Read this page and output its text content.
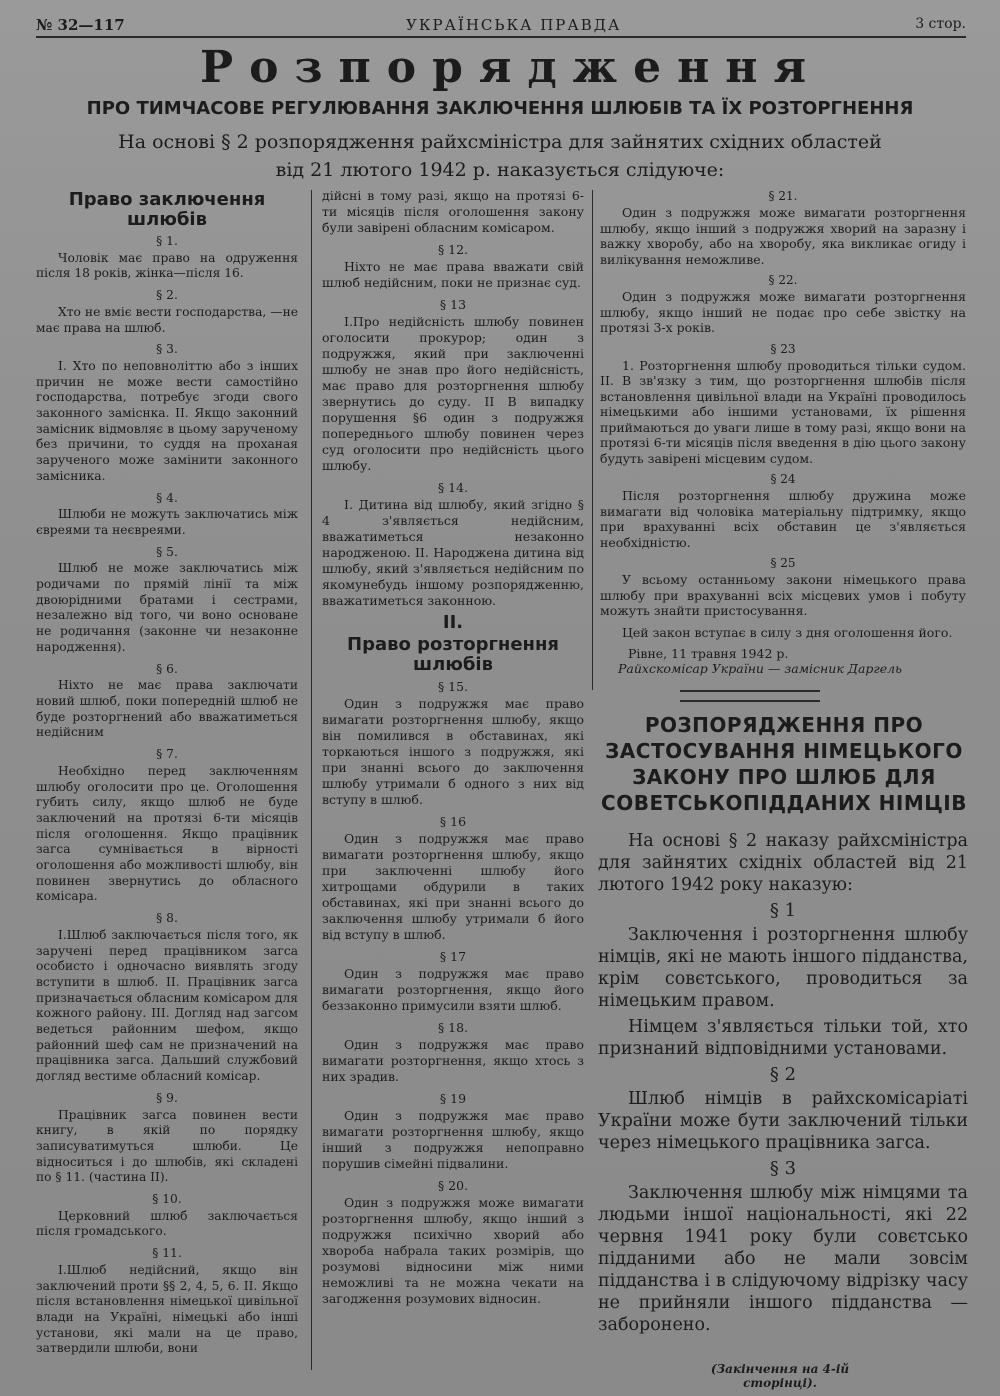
№ 32—117	УКРАЇНСЬКА ПРАВДА	3 стор.
Розпорядження
ПРО ТИМЧАСОВЕ РЕГУЛЮВАННЯ ЗАКЛЮЧЕННЯ ШЛЮБІВ ТА ЇХ РОЗТОРГНЕННЯ
На основі § 2 розпорядження райхсміністра для зайнятих східних областей
від 21 лютого 1942 р. наказується слідуюче:
Право заключення шлюбів
§ 1.

Чоловік має право на одруження після 18 років, жінка—після 16.

§ 2.

Хто не вміє вести господарства, —не має права на шлюб.

§ 3.

І. Хто по неповноліттю або з інших причин не може вести самостійно господарства, потребує згоди свого законного заміснка. II. Якщо законний замісник відмовляє в цьому зарученому без причини, то суддя на проханая зарученого може замінити законного замісника.

§ 4.

Шлюби не можуть заключатись між євреями та неєвреями.

§ 5.

Шлюб не може заключатись між родичами по прямій лінії та між двоюрідними братами і сестрами, незалежно від того, чи воно основане не родичання (законне чи незаконне народження).

§ 6.

Ніхто не має права заключати новий шлюб, поки попередній шлюб не буде розторгнений або вважатиметься недійсним

§ 7.

Необхідно перед заключенням шлюбу оголосити про це. Оголошення губить силу, якщо шлюб не буде заключений на протязі 6-ти місяців після оголошення. Якщо працівник загса сумнівається в вірності оголошення або можливості шлюбу, він повинен звернутись до обласного комісара.

§ 8.

І.Шлюб заключається після того, як заручені перед працівником загса особисто і одночасно виявлять згоду вступити в шлюб. II. Працівник загса призначається обласним комісаром для кожного району. III. Догляд над загсом ведеться районним шефом, якщо районний шеф сам не призначений на працівника загса. Дальший службовий догляд вестиме обласний комісар.

§ 9.

Працівник загса повинен вести книгу, в якій по порядку записуватимуться шлюби. Це відноситься і до шлюбів, які складені по § 11. (частина II).

§ 10.

Церковний шлюб заключається після громадського.

§ 11.

І.Шлюб недійсний, якщо він заключений проти §§ 2, 4, 5, 6. II. Якщо після встановлення німецької цивільної влади на Україні, німецькі або інші установи, які мали на це право, затвердили шлюби, вони

дійсні в тому разі, якщо на протязі 6-ти місяців після оголошення закону були завірені обласним комісаром.

§ 12.

Ніхто не має права вважати свій шлюб недійсним, поки не признає суд.

§ 13

І.Про недійсність шлюбу повинен оголосити прокурор; один з подружжя, який при заключенні шлюбу не знав про його недійсність, має право для розторгнення шлюбу звернутись до суду. II В випадку порушення §6 один з подружжя попереднього шлюбу повинен через суд оголосити про недійсність цього шлюбу.

§ 14.

І. Дитина від шлюбу, який згідно § 4 з'являється недійсним, вважатиметься незаконно народженою. II. Народжена дитина від шлюбу, який з'являється недійсним по якомунебудь іншому розпорядженню, вважатиметься законною.

II.
Право розторгнення шлюбів
§ 15.

Один з подружжя має право вимагати розторгнення шлюбу, якщо він помилився в обставинах, які торкаються іншого з подружжя, які при знанні всього до заключення шлюбу утримали б одного з них від вступу в шлюб.

§ 16

Один з подружжя має право вимагати розторгнення шлюбу, якщо при заключенні шлюбу його хитрощами обдурили в таких обставинах, які при знанні всього до заключення шлюбу утримали б його від вступу в шлюб.

§ 17

Один з подружжя має право вимагати розторгнення, якщо його беззаконно примусили взяти шлюб.

§ 18.

Один з подружжя має право вимагати розторгнення, якщо хтось з них зрадив.

§ 19

Один з подружжя має право вимагати розторгнення шлюбу, якщо інший з подружжя непоправно порушив сімейні підвалини.

§ 20.

Один з подружжя може вимагати розторгнення шлюбу, якщо інший з подружжя психічно хворий або хвороба набрала таких розмірів, що розумові відносини між ними неможливі та не можна чекати на загодження розумових відносин.

§ 21.

Один з подружжя може вимагати розторгнення шлюбу, якщо інший з подружжя хворий на заразну і важку хворобу, або на хворобу, яка викликає огиду і вилікування неможливе.

§ 22.

Один з подружжя може вимагати розторгнення шлюбу, якщо інший не подає про себе звістку на протязі 3-х років.

§ 23

1. Розторгнення шлюбу проводиться тільки судом. II. В зв'язку з тим, що розторгнення шлюбів після встановлення цивільної влади на Україні проводилось німецькими або іншими установами, їх рішення приймаються до уваги лише в тому разі, якщо вони на протязі 6-ти місяців після введення в дію цього закону будуть завірені місцевим судом.

§ 24

Після розторгнення шлюбу дружина може вимагати від чоловіка матеріальну підтримку, якщо при врахуванні всіх обставин це з'являється необхідністю.

§ 25

У всьому останньому закони німецького права шлюбу при врахуванні всіх місцевих умов і побуту можуть знайти пристосування.

Цей закон вступає в силу з дня оголошення його.

Рівне, 11 травня 1942 р.

Райхскомісар України — замісник Даргель

РОЗПОРЯДЖЕННЯ ПРО ЗАСТОСУВАННЯ НІМЕЦЬКОГО ЗАКОНУ ПРО ШЛЮБ ДЛЯ СОВЕТСЬКОПІДДАНИХ НІМЦІВ

На основі § 2 наказу райхсміністра для зайнятих східніх областей від 21 лютого 1942 року наказую:

§ 1

Заключення і розторгнення шлюбу німців, які не мають іншого підданства, крім совєтського, проводиться за німецьким правом.

Німцем з'являється тільки той, хто признаний відповідними установами.

§ 2

Шлюб німців в райхскомісаріаті України може бути заключений тільки через німецького працівника загса.

§ 3

Заключення шлюбу між німцями та людьми іншої національності, які 22 червня 1941 року були совєтсько підданими або не мали зовсім підданства і в слідуючому відрізку часу не прийняли іншого підданства —заборонено.

(Закінчення на 4-ій сторінці).
